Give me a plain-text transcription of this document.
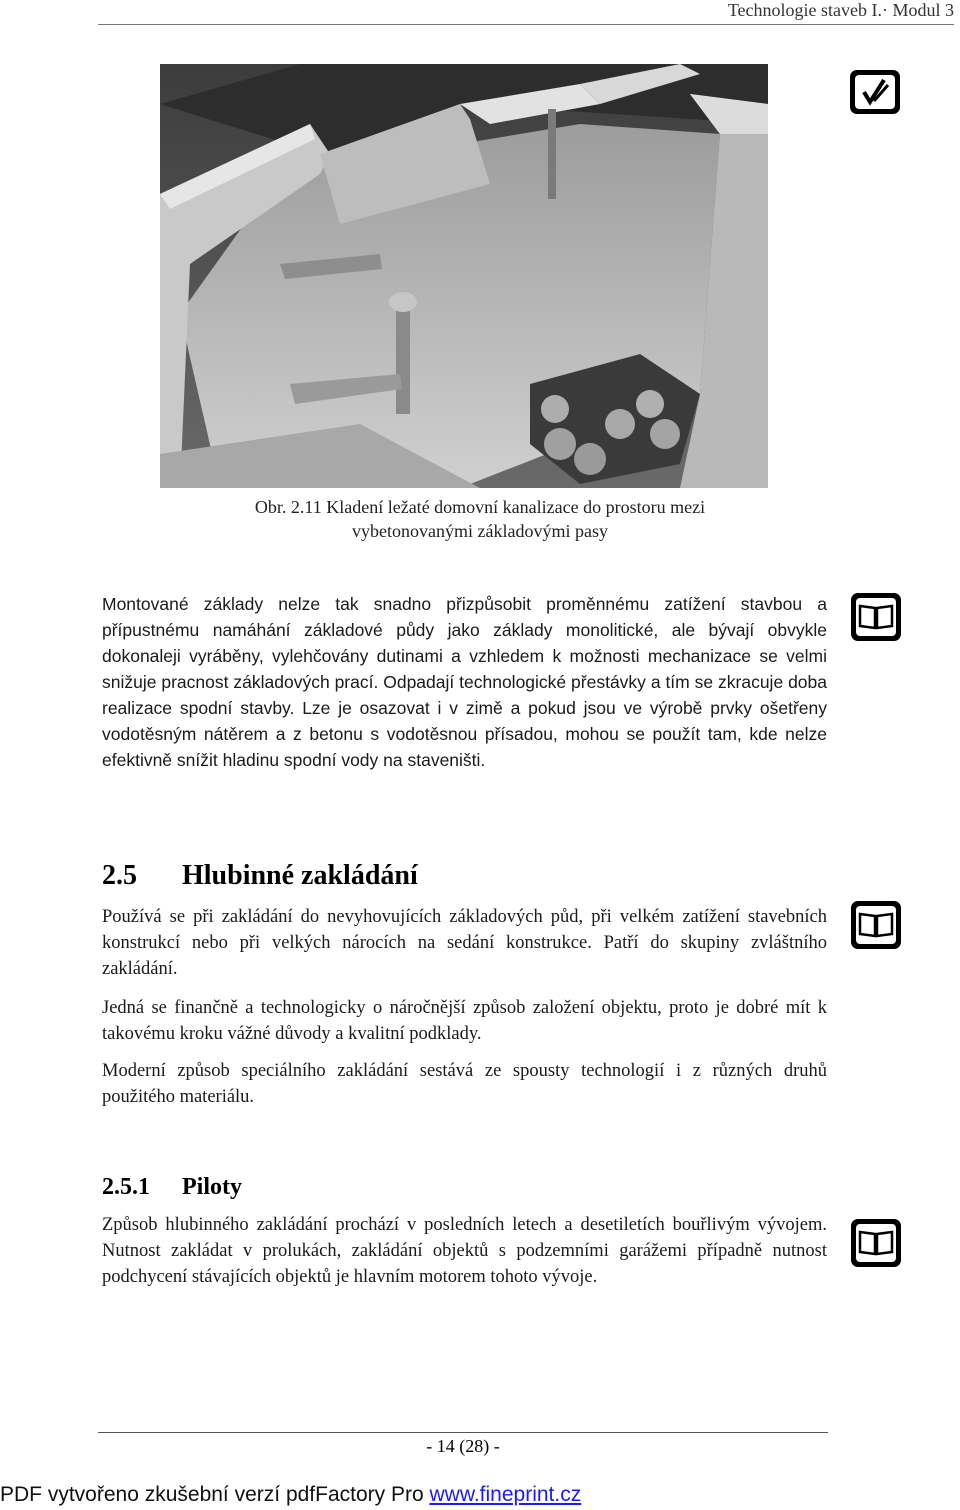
Technologie staveb I.· Modul 3
Obr. 2.11 Kladení ležaté domovní kanalizace do prostoru mezi
vybetonovanými základovými pasy
Montované základy nelze tak snadno přizpůsobit proměnnému zatížení stavbou a přípustnému namáhání základové půdy jako základy monolitické, ale bývají obvykle dokonaleji vyráběny, vylehčovány dutinami a vzhledem k možnosti mechanizace se velmi snižuje pracnost základových prací. Odpadají technologické přestávky a tím se zkracuje doba realizace spodní stavby. Lze je osazovat i v zimě a pokud jsou ve výrobě prvky ošetřeny vodotěsným nátěrem a z betonu s vodotěsnou přísadou, mohou se použít tam, kde nelze efektivně snížit hladinu spodní vody na staveništi.
2.5 Hlubinné zakládání
Používá se při zakládání do nevyhovujících základových půd, při velkém zatížení stavebních konstrukcí nebo při velkých nárocích na sedání konstrukce. Patří do skupiny zvláštního zakládání.
Jedná se finančně a technologicky o náročnější způsob založení objektu, proto je dobré mít k takovému kroku vážné důvody a kvalitní podklady.
Moderní způsob speciálního zakládání sestává ze spousty technologií i z různých druhů použitého materiálu.
2.5.1 Piloty
Způsob hlubinného zakládání prochází v posledních letech a desetiletích bouřlivým vývojem. Nutnost zakládat v prolukách, zakládání objektů s podzemními garážemi případně nutnost podchycení stávajících objektů je hlavním motorem tohoto vývoje.
- 14 (28) -
PDF vytvořeno zkušební verzí pdfFactory Pro www.fineprint.cz
